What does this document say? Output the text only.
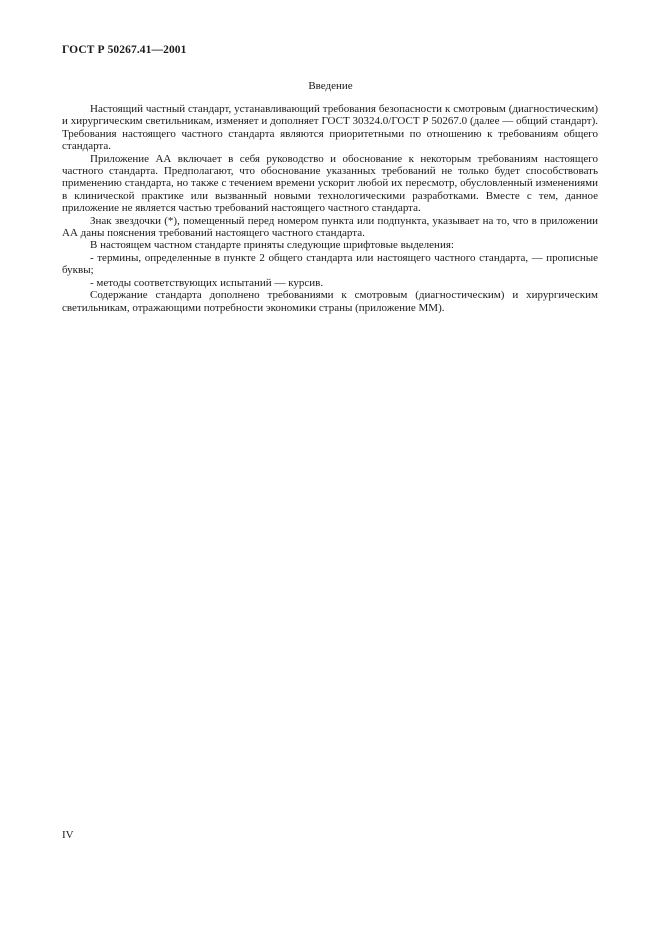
ГОСТ Р 50267.41—2001
Введение

Настоящий частный стандарт, устанавливающий требования безопасности к смотровым (диагностическим) и хирургическим светильникам, изменяет и дополняет ГОСТ 30324.0/ГОСТ Р 50267.0 (далее — общий стандарт). Требования настоящего частного стандарта являются приоритетными по отношению к требованиям общего стандарта.

Приложение АА включает в себя руководство и обоснование к некоторым требованиям настоящего частного стандарта. Предполагают, что обоснование указанных требований не только будет способствовать применению стандарта, но также с течением времени ускорит любой их пересмотр, обусловленный изменениями в клинической практике или вызванный новыми технологическими разработками. Вместе с тем, данное приложение не является частью требований настоящего частного стандарта.

Знак звездочки (*), помещенный перед номером пункта или подпункта, указывает на то, что в приложении АА даны пояснения требований настоящего частного стандарта.

В настоящем частном стандарте приняты следующие шрифтовые выделения:

- термины, определенные в пункте 2 общего стандарта или настоящего частного стандарта, — прописные буквы;

- методы соответствующих испытаний — курсив.

Содержание стандарта дополнено требованиями к смотровым (диагностическим) и хирургическим светильникам, отражающими потребности экономики страны (приложение ММ).

IV
